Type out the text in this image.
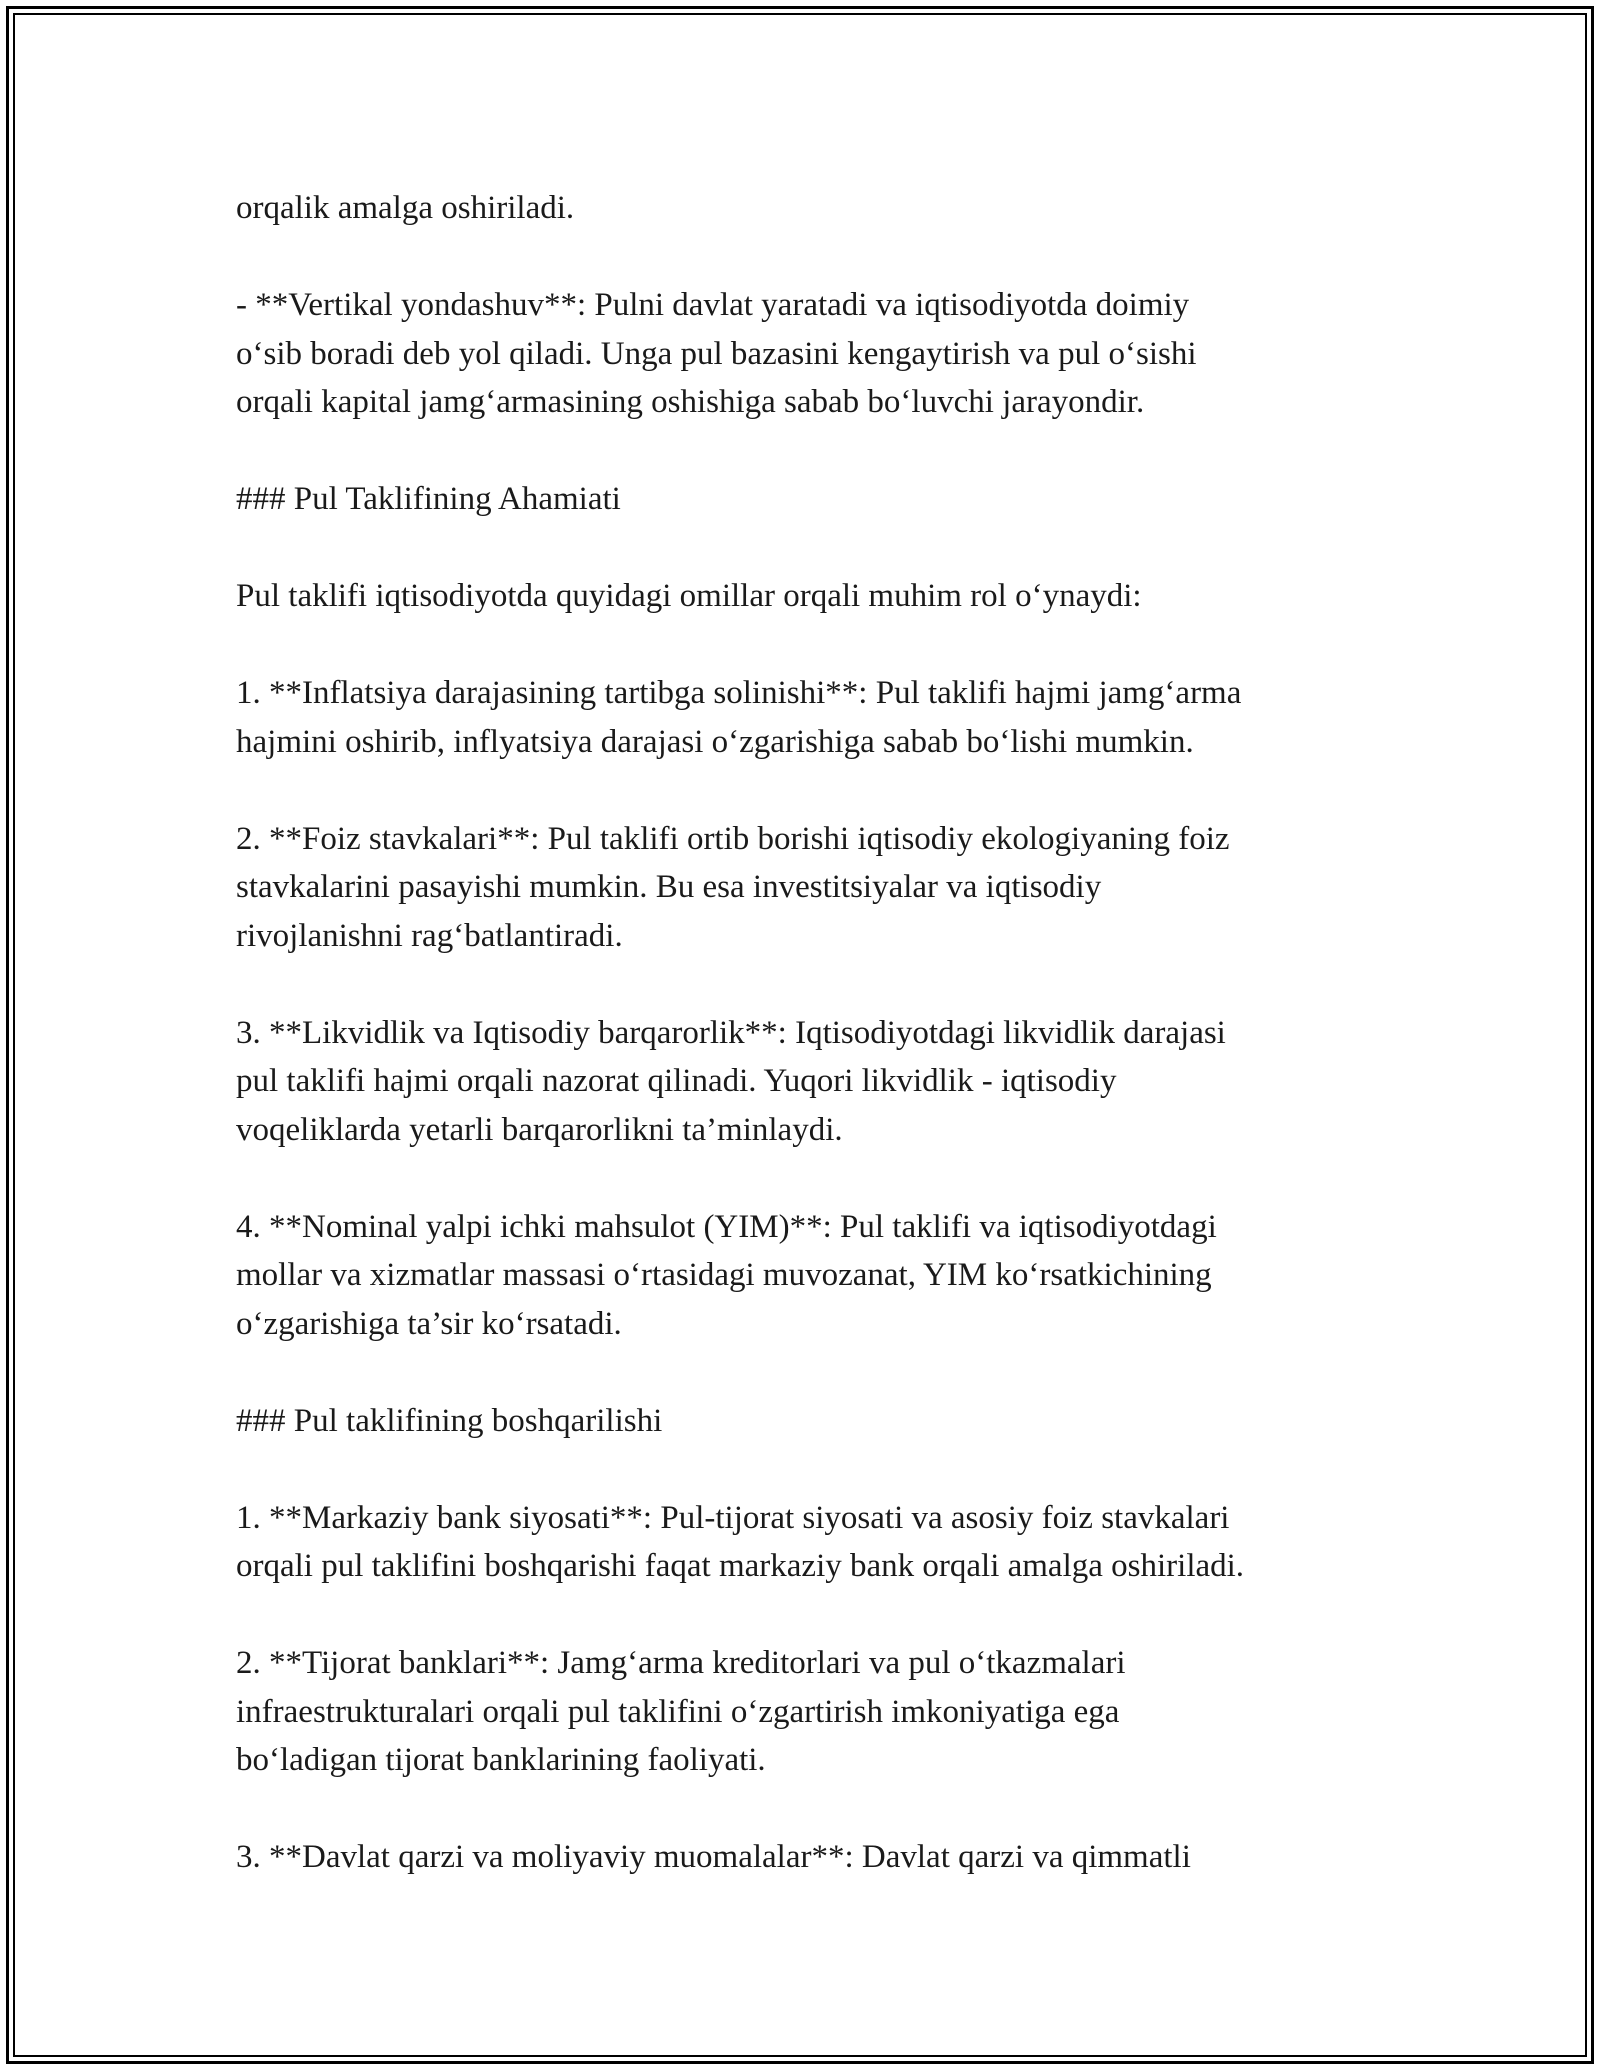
orqalik amalga oshiriladi.

- **Vertikal yondashuv**: Pulni davlat yaratadi va iqtisodiyotda doimiy
o‘sib boradi deb yol qiladi. Unga pul bazasini kengaytirish va pul o‘sishi
orqali kapital jamg‘armasining oshishiga sabab bo‘luvchi jarayondir.

### Pul Taklifining Ahamiati

Pul taklifi iqtisodiyotda quyidagi omillar orqali muhim rol o‘ynaydi:

1. **Inflatsiya darajasining tartibga solinishi**: Pul taklifi hajmi jamg‘arma
hajmini oshirib, inflyatsiya darajasi o‘zgarishiga sabab bo‘lishi mumkin.

2. **Foiz stavkalari**: Pul taklifi ortib borishi iqtisodiy ekologiyaning foiz
stavkalarini pasayishi mumkin. Bu esa investitsiyalar va iqtisodiy
rivojlanishni rag‘batlantiradi.

3. **Likvidlik va Iqtisodiy barqarorlik**: Iqtisodiyotdagi likvidlik darajasi
pul taklifi hajmi orqali nazorat qilinadi. Yuqori likvidlik - iqtisodiy
voqeliklarda yetarli barqarorlikni ta’minlaydi.

4. **Nominal yalpi ichki mahsulot (YIM)**: Pul taklifi va iqtisodiyotdagi
mollar va xizmatlar massasi o‘rtasidagi muvozanat, YIM ko‘rsatkichining
o‘zgarishiga ta’sir ko‘rsatadi.

### Pul taklifining boshqarilishi

1. **Markaziy bank siyosati**: Pul-tijorat siyosati va asosiy foiz stavkalari
orqali pul taklifini boshqarishi faqat markaziy bank orqali amalga oshiriladi.

2. **Tijorat banklari**: Jamg‘arma kreditorlari va pul o‘tkazmalari
infraestrukturalari orqali pul taklifini o‘zgartirish imkoniyatiga ega
bo‘ladigan tijorat banklarining faoliyati.

3. **Davlat qarzi va moliyaviy muomalalar**: Davlat qarzi va qimmatli
